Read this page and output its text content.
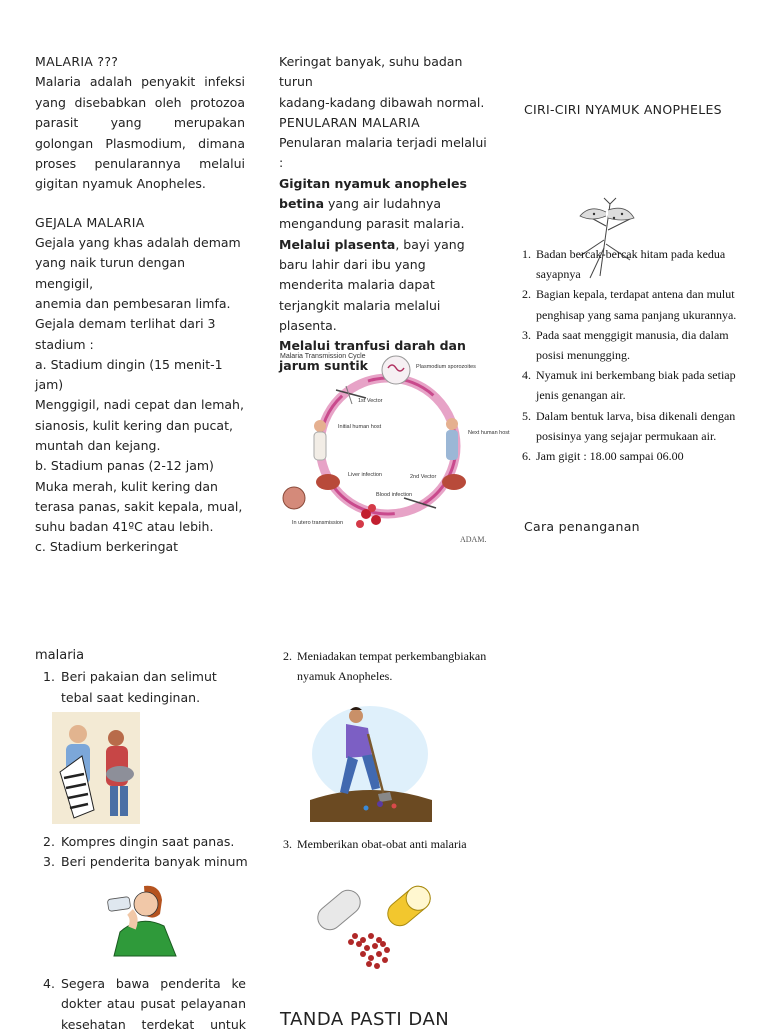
MALARIA ???

Malaria adalah penyakit infeksi yang disebabkan oleh protozoa parasit yang merupakan golongan Plasmodium, dimana proses penularannya melalui gigitan nyamuk Anopheles.

GEJALA MALARIA

Gejala yang khas adalah demam

yang naik turun dengan mengigil,

anemia dan pembesaran limfa.

Gejala demam terlihat dari 3

stadium :

a. Stadium dingin (15 menit-1 jam)

Menggigil, nadi cepat dan lemah,

sianosis, kulit kering dan pucat,

muntah dan kejang.

b. Stadium panas (2-12 jam)

Muka merah, kulit kering dan

terasa panas, sakit kepala, mual,

suhu badan 41ºC atau lebih.

c. Stadium berkeringat

Keringat banyak, suhu badan turun

kadang-kadang dibawah normal.

PENULARAN MALARIA

Penularan malaria terjadi melalui :

Gigitan nyamuk anopheles betina yang air ludahnya mengandung parasit malaria.

Melalui plasenta, bayi yang baru lahir dari ibu yang menderita malaria dapat terjangkit malaria melalui plasenta.

Melalui tranfusi darah dan jarum suntik

Malaria Transmission Cycle
Plasmodium sporozoites
1st Vector
Initial human host
Next human host
Liver infection	2nd Vector
Blood infection
In utero transmission
ADAM.

CIRI-CIRI NYAMUK ANOPHELES

1. Badan bercak-bercak hitam pada kedua sayapnya
2. Bagian kepala, terdapat antena dan mulut penghisap yang sama panjang ukurannya.
3. Pada saat menggigit manusia, dia dalam posisi menungging.
4. Nyamuk ini berkembang biak pada setiap jenis genangan air.
5. Dalam bentuk larva, bisa dikenali dengan posisinya yang sejajar permukaan air.
6. Jam gigit : 18.00 sampai 06.00

Cara penanganan

malaria

1. Beri pakaian dan selimut tebal saat kedinginan.
2. Kompres dingin saat panas.
3. Beri penderita banyak minum
4. Segera bawa penderita ke
dokter atau pusat pelayanan
kesehatan terdekat untuk
2. Meniadakan tempat perkembangbiakan nyamuk Anopheles.
3. Memberikan obat-obat anti malaria

TANDA PASTI DAN
